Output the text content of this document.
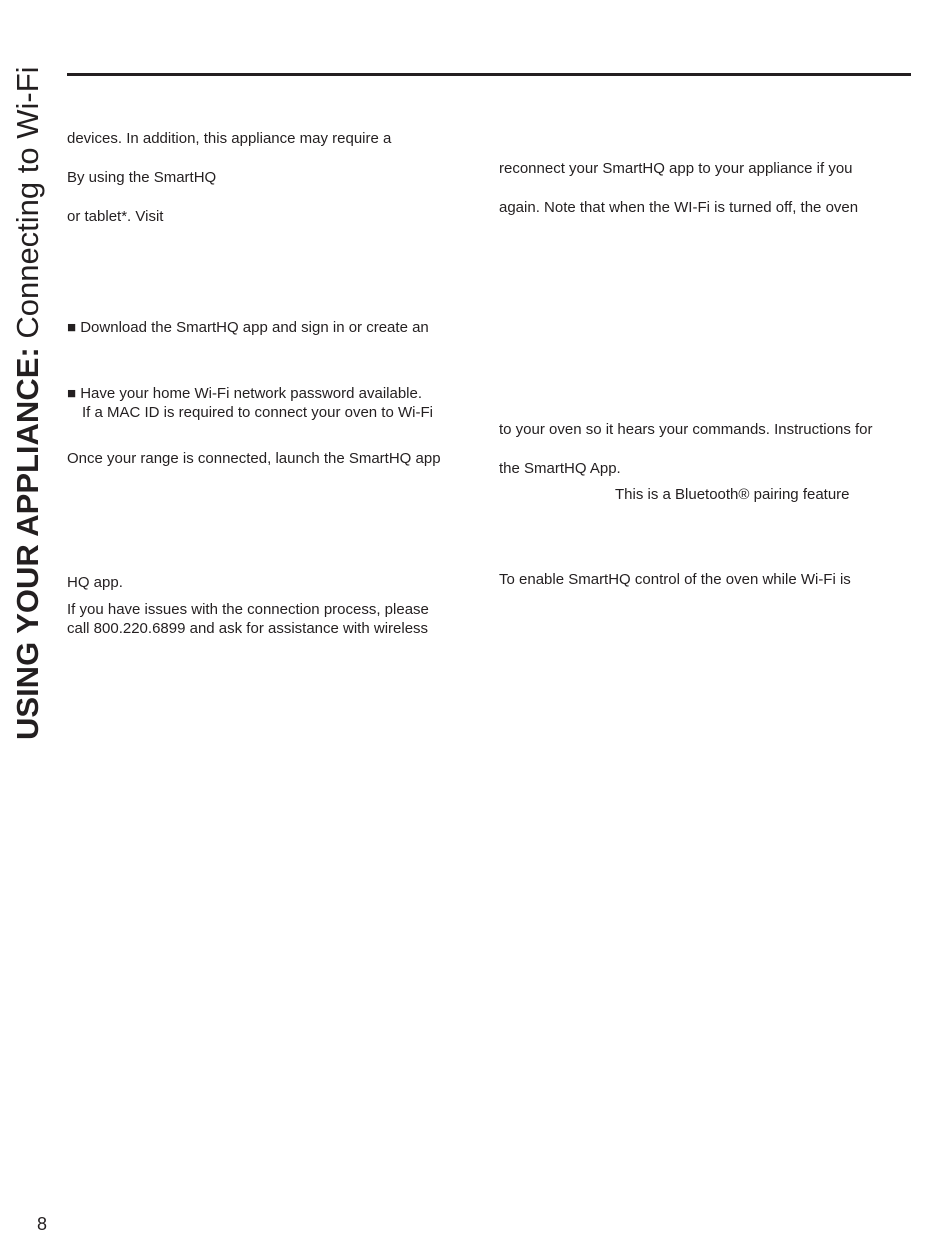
USING YOUR APPLIANCE: Connecting to Wi-Fi devices. In addition, this appliance may require a

By using the SmartHQ

or tablet*. Visit

■ Download the SmartHQ app and sign in or create an

■ Have your home Wi-Fi network password available.

If a MAC ID is required to connect your oven to Wi-Fi

Once your range is connected, launch the SmartHQ app

HQ app.

If you have issues with the connection process, please

call 800.220.6899 and ask for assistance with wireless

reconnect your SmartHQ app to your appliance if you

again. Note that when the WI-Fi is turned off, the oven

to your oven so it hears your commands. Instructions for

the SmartHQ App.

This is a Bluetooth® pairing feature

To enable SmartHQ control of the oven while Wi-Fi is

8
